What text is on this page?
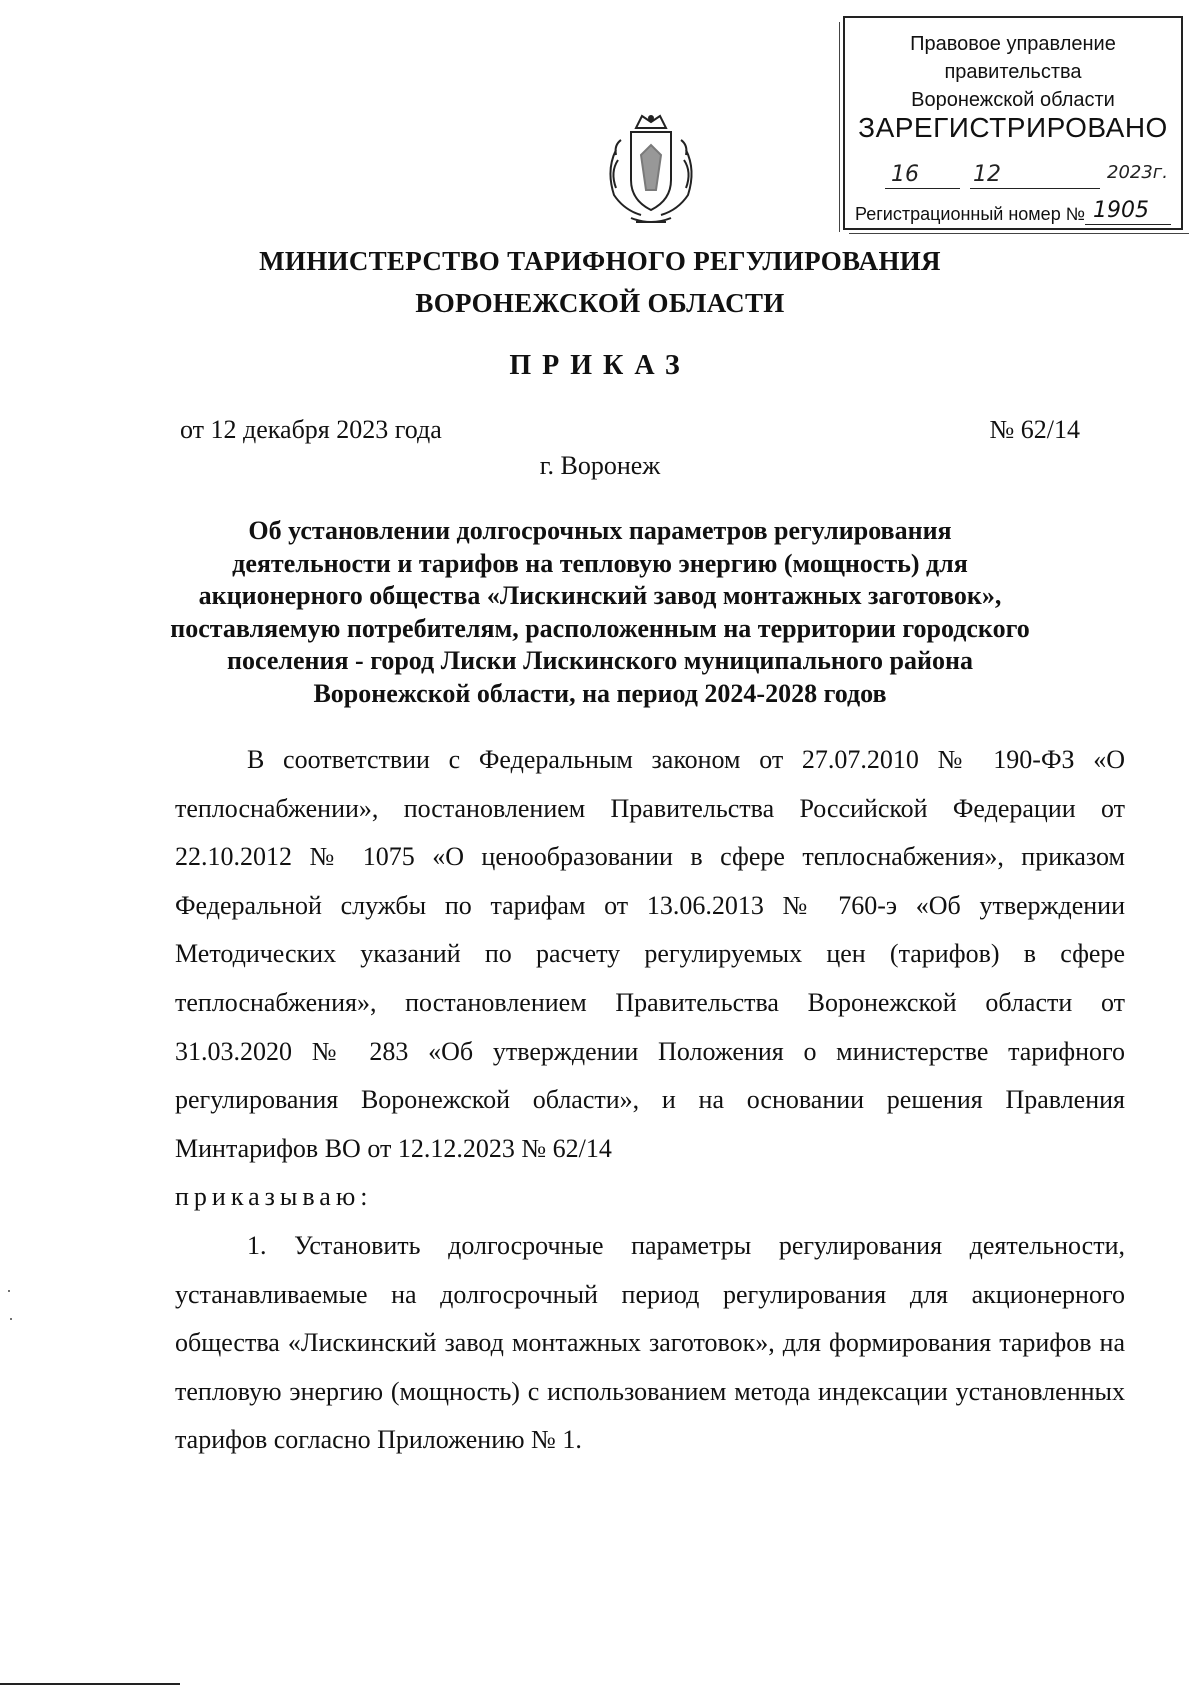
Правовое управление правительства
Воронежской области
ЗАРЕГИСТРИРОВАНО
16 12	2023г.
Регистрационный номер № 1905
МИНИСТЕРСТВО ТАРИФНОГО РЕГУЛИРОВАНИЯ
ВОРОНЕЖСКОЙ ОБЛАСТИ
ПРИКАЗ
от 12 декабря 2023 года	№ 62/14
г. Воронеж
Об установлении долгосрочных параметров регулирования
деятельности и тарифов на тепловую энергию (мощность) для
акционерного общества «Лискинский завод монтажных заготовок»,
поставляемую потребителям, расположенным на территории городского
поселения - город Лиски Лискинского муниципального района
Воронежской области, на период 2024-2028 годов

В соответствии с Федеральным законом от 27.07.2010 № 190-ФЗ «О теплоснабжении», постановлением Правительства Российской Федерации от 22.10.2012 № 1075 «О ценообразовании в сфере теплоснабжения», приказом Федеральной службы по тарифам от 13.06.2013 № 760-э «Об утверждении Методических указаний по расчету регулируемых цен (тарифов) в сфере теплоснабжения», постановлением Правительства Воронежской области от 31.03.2020 № 283 «Об утверждении Положения о министерстве тарифного регулирования Воронежской области», и на основании решения Правления Минтарифов ВО от 12.12.2023 № 62/14

приказываю:

1. Установить долгосрочные параметры регулирования деятельности, устанавливаемые на долгосрочный период регулирования для акционерного общества «Лискинский завод монтажных заготовок», для формирования тарифов на тепловую энергию (мощность) с использованием метода индексации установленных тарифов согласно Приложению № 1.
